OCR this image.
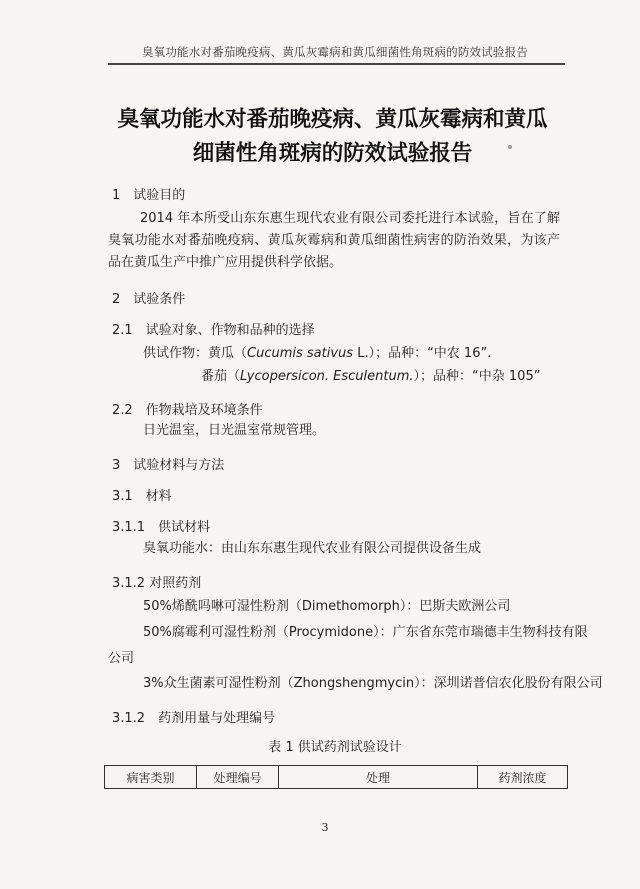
臭氧功能水对番茄晚疫病、黄瓜灰霉病和黄瓜细菌性角斑病的防效试验报告
臭氧功能水对番茄晚疫病、黄瓜灰霉病和黄瓜
细菌性角斑病的防效试验报告
1　试验目的
2014 年本所受山东东惠生现代农业有限公司委托进行本试验，旨在了解臭氧功能水对番茄晚疫病、黄瓜灰霉病和黄瓜细菌性病害的防治效果，为该产品在黄瓜生产中推广应用提供科学依据。
2　试验条件
2.1　试验对象、作物和品种的选择
供试作物：黄瓜（Cucumis sativus L.）；品种：“中农 16”.
番茄（Lycopersicon. Esculentum.）；品种：“中杂 105”
2.2　作物栽培及环境条件
日光温室，日光温室常规管理。
3　试验材料与方法
3.1　材料
3.1.1　供试材料
臭氧功能水：由山东东惠生现代农业有限公司提供设备生成
3.1.2 对照药剂
50%烯酰吗啉可湿性粉剂（Dimethomorph）：巴斯夫欧洲公司
50%腐霉利可湿性粉剂（Procymidone）：广东省东莞市瑞德丰生物科技有限
公司
3%众生菌素可湿性粉剂（Zhongshengmycin）：深圳诺普信农化股份有限公司
3.1.2　药剂用量与处理编号
表 1 供试药剂试验设计
病害类别	处理编号	处理	药剂浓度
3
